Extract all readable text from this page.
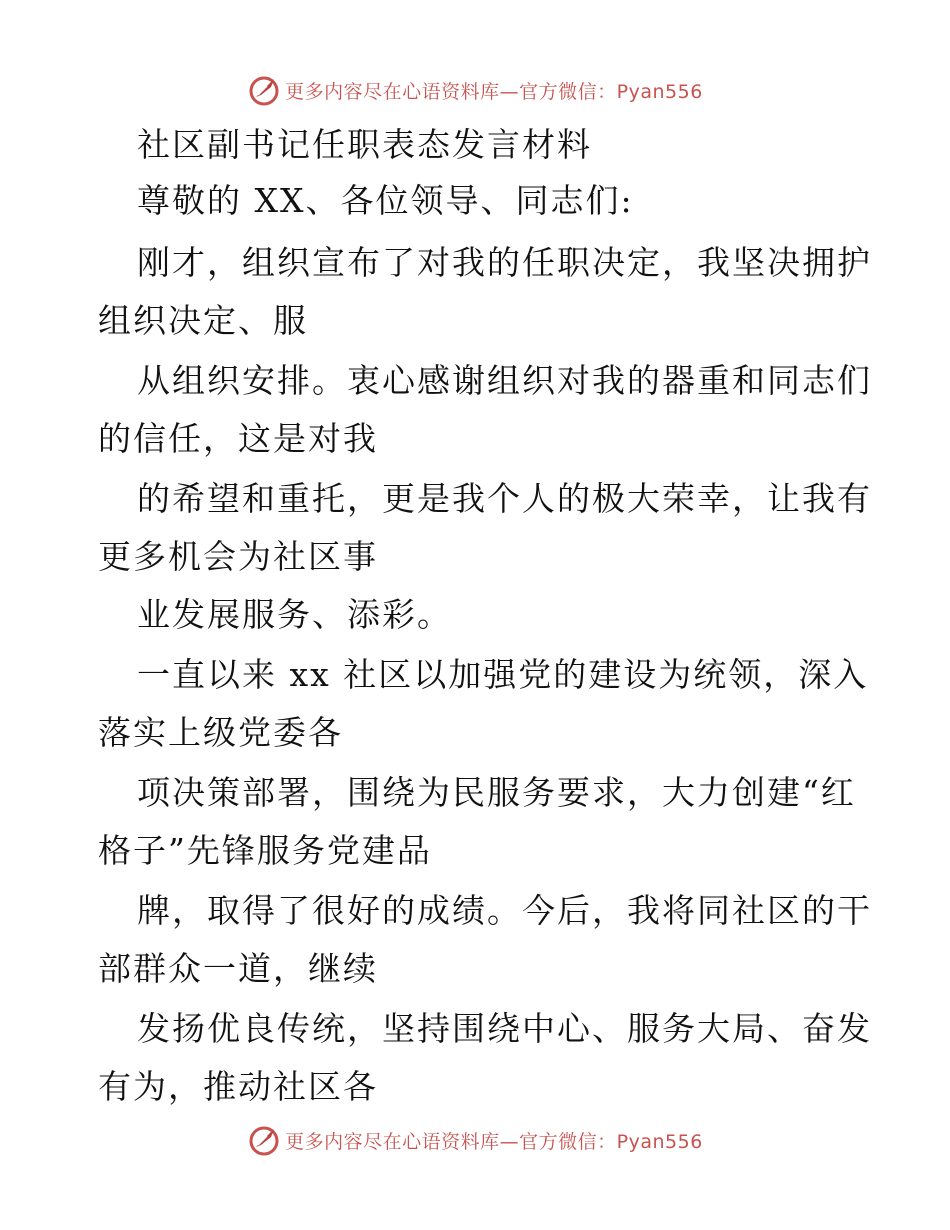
更多内容尽在心语资料库—官方微信：Pyan556
社区副书记任职表态发言材料
尊敬的 XX、各位领导、同志们:
刚才，组织宣布了对我的任职决定，我坚决拥护
组织决定、服
从组织安排。衷心感谢组织对我的器重和同志们
的信任，这是对我
的希望和重托，更是我个人的极大荣幸，让我有
更多机会为社区事
业发展服务、添彩。
一直以来 xx 社区以加强党的建设为统领，深入
落实上级党委各
项决策部署，围绕为民服务要求，大力创建“红
格子”先锋服务党建品
牌，取得了很好的成绩。今后，我将同社区的干
部群众一道，继续
发扬优良传统，坚持围绕中心、服务大局、奋发
有为，推动社区各
更多内容尽在心语资料库—官方微信：Pyan556
